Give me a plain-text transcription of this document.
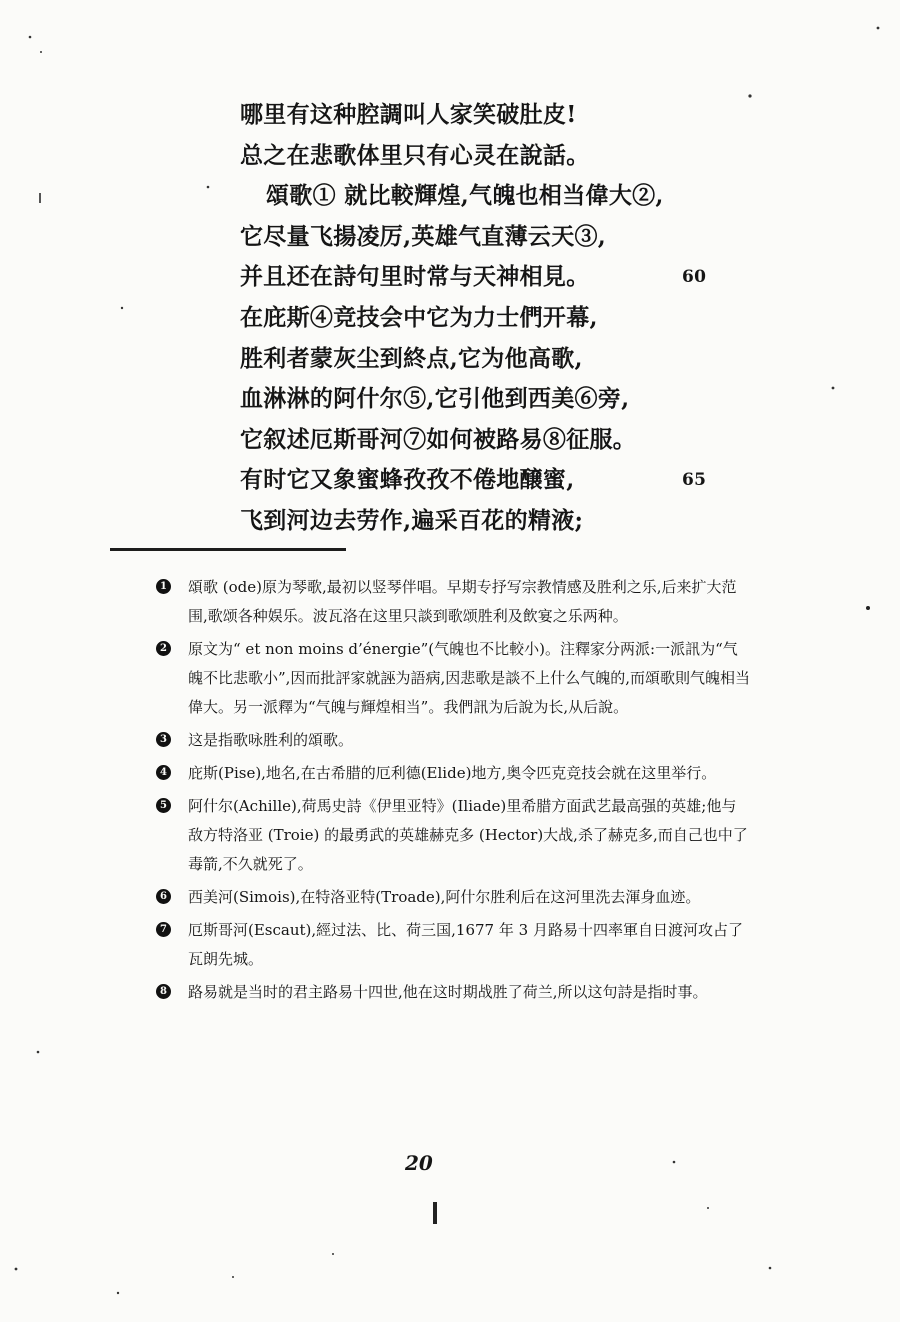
哪里有这种腔調叫人家笑破肚皮!
总之在悲歌体里只有心灵在說話。
頌歌① 就比較輝煌,气魄也相当偉大②,
它尽量飞揚凌厉,英雄气直薄云天③,
并且还在詩句里时常与天神相見。	60
在庇斯④竞技会中它为力士們开幕,
胜利者蒙灰尘到終点,它为他高歌,
血淋淋的阿什尔⑤,它引他到西美⑥旁,
它叙述厄斯哥河⑦如何被路易⑧征服。
有时它又象蜜蜂孜孜不倦地醸蜜,	65
飞到河边去劳作,遍采百花的精液;
1 頌歌 (ode)原为琴歌,最初以竖琴伴唱。早期专抒写宗教情感及胜利之乐,后来扩大范围,歌颂各种娱乐。波瓦洛在这里只談到歌颂胜利及飲宴之乐两种。
2 原文为“ et non moins d’énergie”(气魄也不比較小)。注釋家分两派:一派訊为“气魄不比悲歌小”,因而批評家就誣为語病,因悲歌是談不上什么气魄的,而頌歌則气魄相当偉大。另一派釋为“气魄与輝煌相当”。我們訊为后說为长,从后說。
3 这是指歌咏胜利的頌歌。
4 庇斯(Pise),地名,在古希腊的厄利德(Elide)地方,奥令匹克竞技会就在这里举行。
5 阿什尔(Achille),荷馬史詩《伊里亚特》(Iliade)里希腊方面武艺最高强的英雄;他与敌方特洛亚 (Troie) 的最勇武的英雄赫克多 (Hector)大战,杀了赫克多,而自己也中了毒箭,不久就死了。
6 西美河(Simois),在特洛亚特(Troade),阿什尔胜利后在这河里洗去渾身血迹。
7 厄斯哥河(Escaut),經过法、比、荷三国,1677 年 3 月路易十四率軍自日渡河攻占了瓦朗先城。
8 路易就是当时的君主路易十四世,他在这时期战胜了荷兰,所以这句詩是指时事。
20
